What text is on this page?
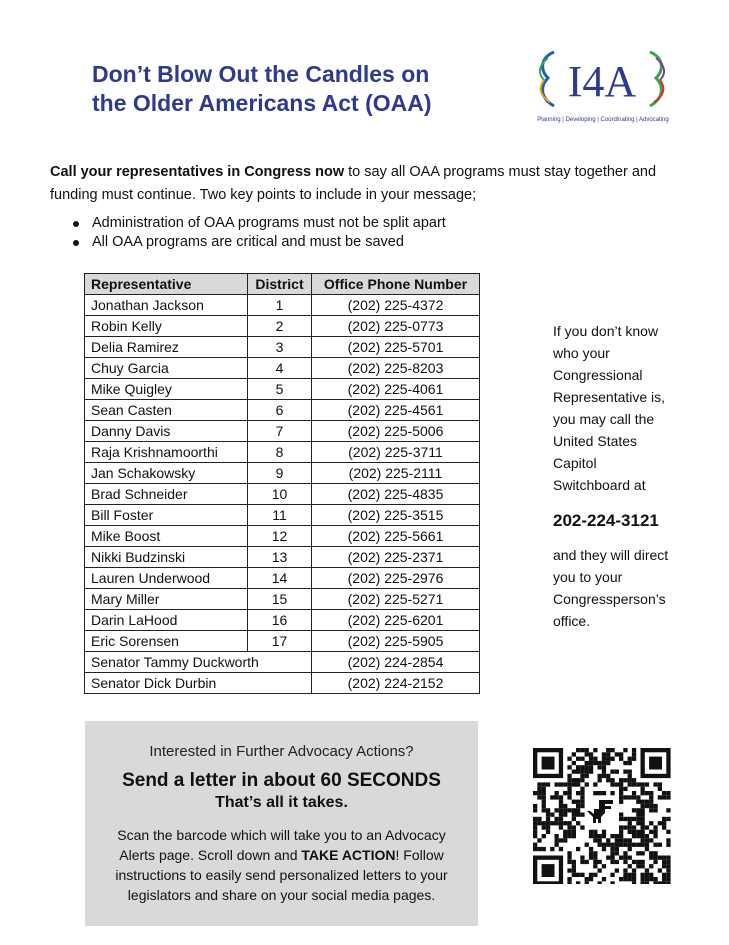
Don’t Blow Out the Candles on
the Older Americans Act (OAA)	I4A
Planning | Developing | Coordinating | Advocating
Call your representatives in Congress now to say all OAA programs must stay together and funding must continue. Two key points to include in your message;
Administration of OAA programs must not be split apart
All OAA programs are critical and must be saved
Representative	District	Office Phone Number
Jonathan Jackson	1	(202) 225-4372
Robin Kelly	2	(202) 225-0773
Delia Ramirez	3	(202) 225-5701
Chuy Garcia	4	(202) 225-8203
Mike Quigley	5	(202) 225-4061
Sean Casten	6	(202) 225-4561
Danny Davis	7	(202) 225-5006
Raja Krishnamoorthi	8	(202) 225-3711
Jan Schakowsky	9	(202) 225-2111
Brad Schneider	10	(202) 225-4835
Bill Foster	11	(202) 225-3515
Mike Boost	12	(202) 225-5661
Nikki Budzinski	13	(202) 225-2371
Lauren Underwood	14	(202) 225-2976
Mary Miller	15	(202) 225-5271
Darin LaHood	16	(202) 225-6201
Eric Sorensen	17	(202) 225-5905
Senator Tammy Duckworth		(202) 224-2854
Senator Dick Durbin		(202) 224-2152
If you don’t know
who your
Congressional
Representative is,
you may call the
United States
Capitol
Switchboard at
202-224-3121
and they will direct
you to your
Congressperson’s
office.
Interested in Further Advocacy Actions?
Send a letter in about 60 SECONDS
That’s all it takes.
Scan the barcode which will take you to an Advocacy Alerts page. Scroll down and TAKE ACTION! Follow instructions to easily send personalized letters to your legislators and share on your social media pages.
